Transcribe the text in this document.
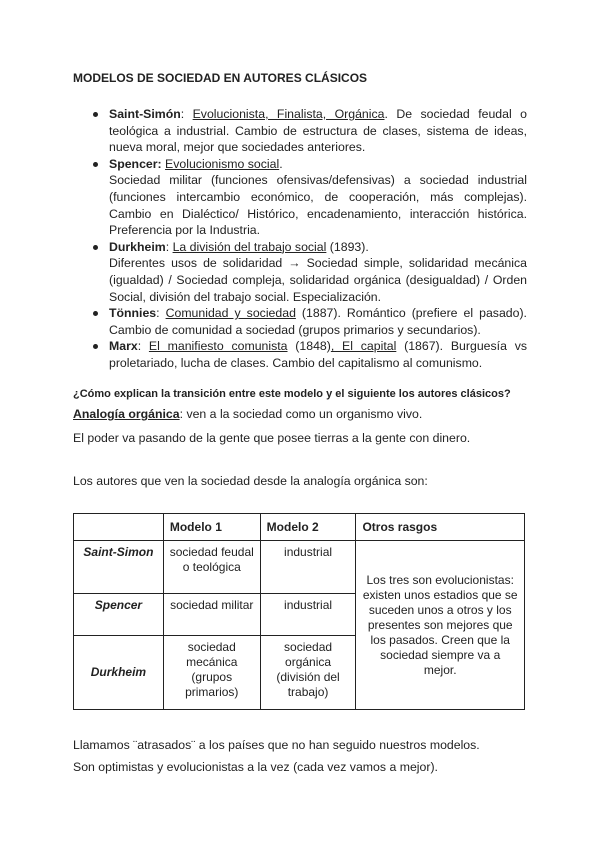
MODELOS DE SOCIEDAD EN AUTORES CLÁSICOS
Saint-Simón: Evolucionista, Finalista, Orgánica. De sociedad feudal o teológica a industrial. Cambio de estructura de clases, sistema de ideas, nueva moral, mejor que sociedades anteriores.
Spencer: Evolucionismo social.
Sociedad militar (funciones ofensivas/defensivas) a sociedad industrial (funciones intercambio económico, de cooperación, más complejas). Cambio en Dialéctico/ Histórico, encadenamiento, interacción histórica. Preferencia por la Industria.
Durkheim: La división del trabajo social (1893).
Diferentes usos de solidaridad → Sociedad simple, solidaridad mecánica (igualdad) / Sociedad compleja, solidaridad orgánica (desigualdad) / Orden Social, división del trabajo social. Especialización.
Tönnies: Comunidad y sociedad (1887). Romántico (prefiere el pasado). Cambio de comunidad a sociedad (grupos primarios y secundarios).
Marx: El manifiesto comunista (1848), El capital (1867). Burguesía vs proletariado, lucha de clases. Cambio del capitalismo al comunismo.
¿Cómo explican la transición entre este modelo y el siguiente los autores clásicos?
Analogía orgánica: ven a la sociedad como un organismo vivo.
El poder va pasando de la gente que posee tierras a la gente con dinero.
Los autores que ven la sociedad desde la analogía orgánica son:
	Modelo 1	Modelo 2	Otros rasgos
Saint-Simon	sociedad feudal o teológica	industrial	Los tres son evolucionistas: existen unos estadios que se suceden unos a otros y los presentes son mejores que los pasados. Creen que la sociedad siempre va a mejor.
Spencer	sociedad militar	industrial	
Durkheim	sociedad mecánica (grupos primarios)	sociedad orgánica (división del trabajo)	
Llamamos ¨atrasados¨ a los países que no han seguido nuestros modelos.
Son optimistas y evolucionistas a la vez (cada vez vamos a mejor).
